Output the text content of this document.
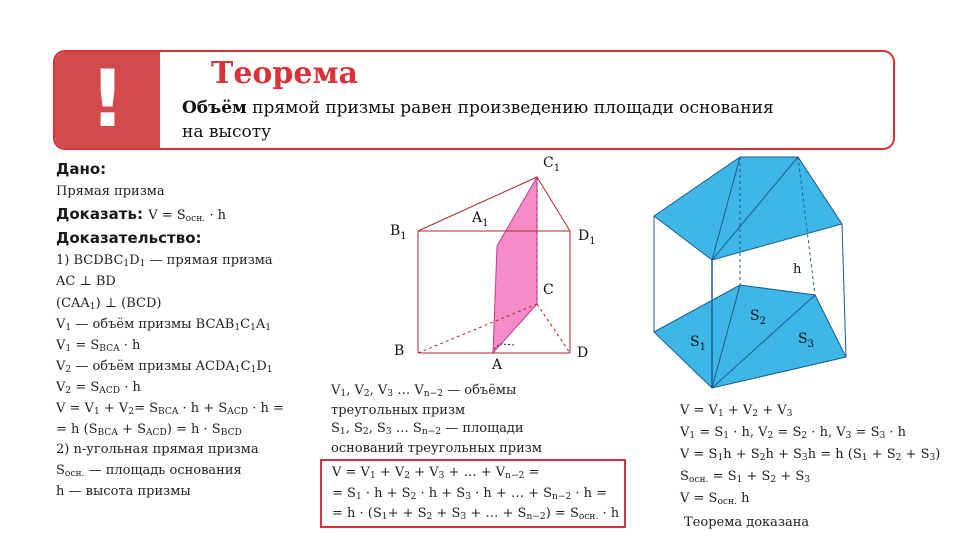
!	Теорема
Объём прямой призмы равен произведению площади основания
на высоту
Дано:
Прямая призма
Доказать: $V = S_{осн.} \cdot h$
Доказательство:
1) $BCDBC_1D_1$ — прямая призма
AC ⊥ BD
$(CAA_1)$ ⊥ (BCD)
$V_1$ — объём призмы $BCAB_1C_1A_1$
$V_1 = S_{BCA} \cdot h$
$V_2$ — объём призмы $ACDA_1C_1D_1$
$V_2 = S_{ACD} \cdot h$
$V = V_1 + V_2= S_{BCA} \cdot h + S_{ACD} \cdot h$ =
= h $(S_{BCA} + S_{ACD}) = h \cdot S_{BCD}$
2) n-угольная прямая призма
$S_{осн.}$ — площадь основания
h — высота призмы
$C_1$
$A_1$
$B_1$	$D_1$
C
B
A
D
$V_1$, $V_2$, $V_3$ … $V_{n-2}$ — объёмы
треугольных призм
$S_1$, $S_2$, $S_3$ … $S_{n-2}$ — площади
оснований треугольных призм
$V = V_1 + V_2 + V_3$ + … + $V_{n-2}$ =
= $S_1 \cdot h + S_2 \cdot h + S_3 \cdot h$ + … + $S_{n-2} \cdot h$ =
= $h \cdot (S_1+ + S_2 + S_3$ + … + $S_{n-2}) = S_{осн.} \cdot h$
h
$S_1$
$S_2$
$S_3$
$V = V_1 + V_2 + V_3$
$V_1 = S_1 \cdot h$, $V_2 = S_2 \cdot h$, $V_3 = S_3 \cdot h$
$V = S_1h + S_2h + S_3h = h$ $(S_1 + S_2 + S_3)$
$S_{осн.} = S_1 + S_2 + S_3$
$V = S_{осн.}$ h
Теорема доказана
